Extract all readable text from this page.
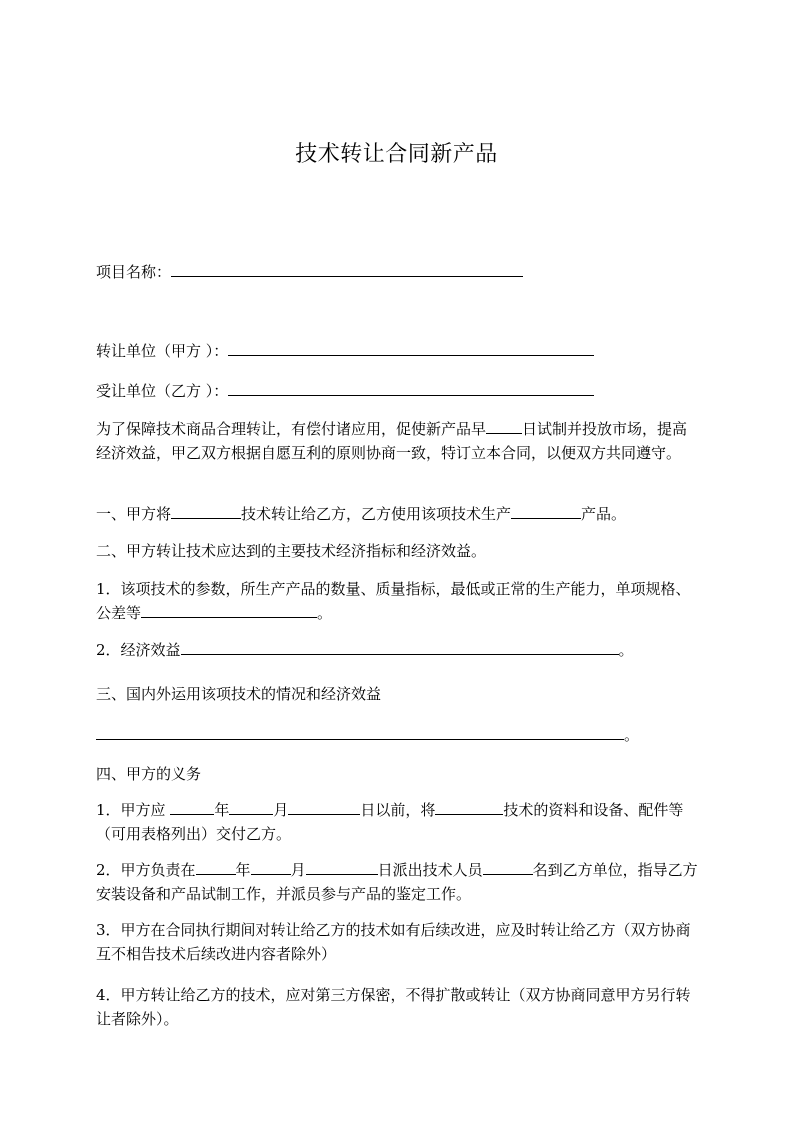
技术转让合同新产品
项目名称：
转让单位（甲方 ）：
受让单位（乙方 ）：
为了保障技术商品合理转让，有偿付诸应用，促使新产品早 日试制并投放市场，提高经济效益，甲乙双方根据自愿互利的原则协商一致，特订立本合同，以便双方共同遵守。
一、甲方将	技术转让给乙方，乙方使用该项技术生产	产品。
二、甲方转让技术应达到的主要技术经济指标和经济效益。
1．该项技术的参数，所生产产品的数量、质量指标，最低或正常的生产能力，单项规格、公差等	。
2．经济效益	。
三、国内外运用该项技术的情况和经济效益
。
四、甲方的义务
1．甲方应	年	月	日以前，将	技术的资料和设备、配件等（可用表格列出）交付乙方。
2．甲方负责在	年	月	日派出技术人员	名到乙方单位，指导乙方安装设备和产品试制工作，并派员参与产品的鉴定工作。
3．甲方在合同执行期间对转让给乙方的技术如有后续改进，应及时转让给乙方（双方协商互不相告技术后续改进内容者除外）
4．甲方转让给乙方的技术，应对第三方保密，不得扩散或转让（双方协商同意甲方另行转让者除外）。
